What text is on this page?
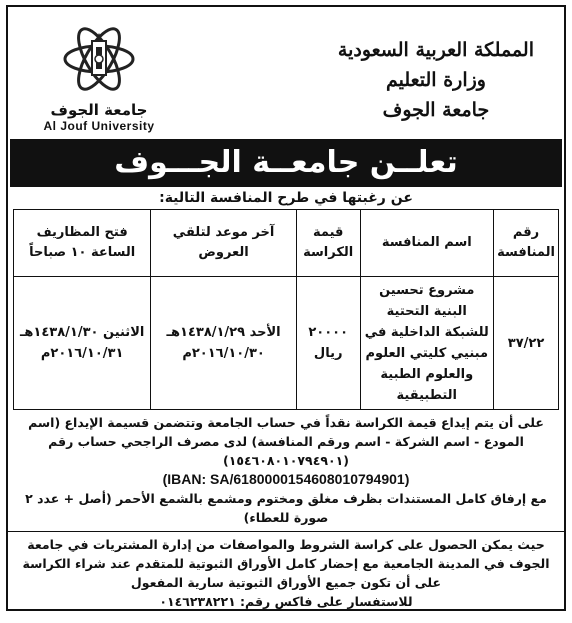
المملكة العربية السعودية
وزارة التعليم
جامعة الجوف
جامعة الجوف
Al Jouf University
تعلــن جامعــة الجـــوف
عن رغبتها في طرح المنافسة التالية:
رقم المنافسة	اسم المنافسة	قيمة الكراسة	آخر موعد لتلقي العروض	فتح المظاريف الساعة ١٠ صباحاً
٣٧/٢٢	مشروع تحسين البنية التحتية للشبكة الداخلية في مبنيي كليتي العلوم والعلوم الطبية التطبيقية	٢٠٠٠٠ ريال	الأحد ١٤٣٨/١/٢٩هـ ٢٠١٦/١٠/٣٠م	الاثنين ١٤٣٨/١/٣٠هـ ٢٠١٦/١٠/٣١م

على أن يتم إيداع قيمة الكراسة نقداً في حساب الجامعة وتتضمن قسيمة الإيداع (اسم المودع - اسم الشركة - اسم ورقم المنافسة) لدى مصرف الراجحي حساب رقم (١٥٤٦٠٨٠١٠٧٩٤٩٠١)

(IBAN: SA/6180000154608010794901)

مع إرفاق كامل المستندات بظرف مغلق ومختوم ومشمع بالشمع الأحمر (أصل + عدد ٢ صورة للعطاء)

حيث يمكن الحصول على كراسة الشروط والمواصفات من إدارة المشتريات في جامعة الجوف في المدينة الجامعية مع إحضار كامل الأوراق الثبوتية للمتقدم عند شراء الكراسة على أن تكون جميع الأوراق الثبوتية سارية المفعول

للاستفسار على فاكس رقم: ٠١٤٦٢٣٨٢٢١
